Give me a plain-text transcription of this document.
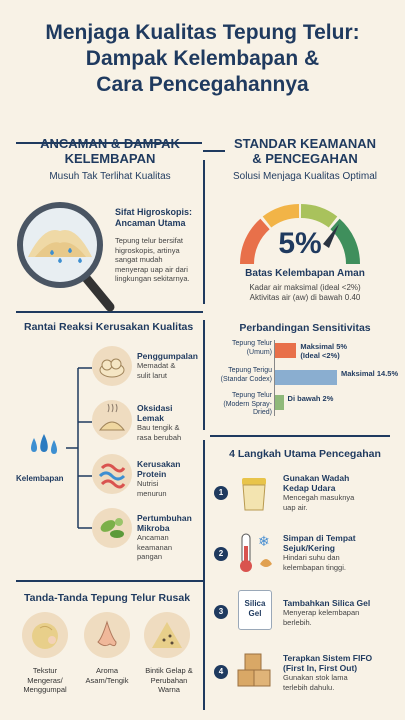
Menjaga Kualitas Tepung Telur:
Dampak Kelembapan &
Cara Pencegahannya
ANCAMAN & DAMPAK
KELEMBAPAN
Musuh Tak Terlihat Kualitas
Sifat Higroskopis:
Ancaman Utama
Tepung telur bersifat
higroskopis, artinya
sangat mudah
menyerap uap air dari
lingkungan sekitarnya.
Rantai Reaksi Kerusakan Kualitas
Kelembapan
Penggumpalan
Memadat &
sulit larut
Oksidasi
Lemak
Bau tengik &
rasa berubah
Kerusakan
Protein
Nutrisi
menurun
Pertumbuhan
Mikroba
Ancaman
keamanan
pangan
Tanda-Tanda Tepung Telur Rusak
Tekstur
Mengeras/
Menggumpal
Aroma
Asam/Tengik
Bintik Gelap &
Perubahan
Warna
STANDAR KEAMANAN
& PENCEGAHAN
Solusi Menjaga Kualitas Optimal
5%
Batas Kelembapan Aman
Kadar air maksimal (ideal <2%)
Aktivitas air (aw) di bawah 0.40
Perbandingan Sensitivitas
Tepung Telur
(Umum)
Maksimal 5%
(Ideal <2%)
Tepung Terigu
(Standar Codex)
Maksimal 14.5%
Tepung Telur
(Modern Spray-
Dried)
Di bawah 2%
4 Langkah Utama Pencegahan
1
Gunakan Wadah
Kedap Udara
Mencegah masuknya
uap air.
2
❄ Simpan di Tempat
Sejuk/Kering
Hindari suhu dan
kelembapan tinggi.
3
Silica
Gel
Tambahkan Silica Gel
Menyerap kelembapan
berlebih.
4
Terapkan Sistem FIFO
(First In, First Out)
Gunakan stok lama
terlebih dahulu.
